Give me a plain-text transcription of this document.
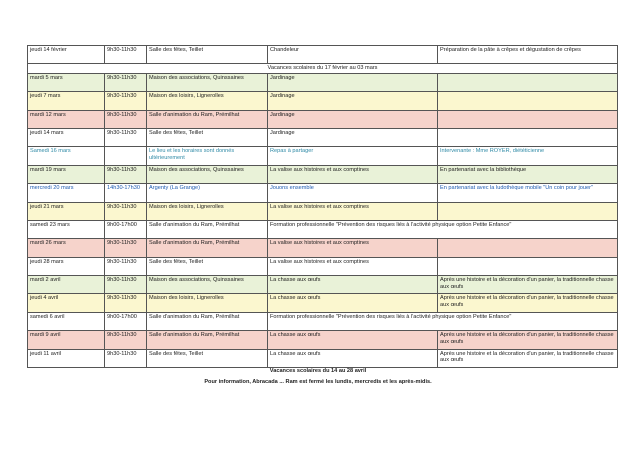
jeudi 14 février	9h30-11h30	Salle des fêtes, Teillet	Chandeleur	Préparation de la pâte à crêpes et dégustation de crêpes
Vacances scolaires du 17 février au 03 mars				
mardi 5 mars	9h30-11h30	Maison des associations, Quinssaines	Jardinage	
jeudi 7 mars	9h30-11h30	Maison des loisirs, Lignerolles	Jardinage	
mardi 12 mars	9h30-11h30	Salle d'animation du Ram, Prémilhat	Jardinage	
jeudi 14 mars	9h30-11h30	Salle des fêtes, Teillet	Jardinage	
Samedi 16 mars		Le lieu et les horaires sont donnés ultérieurement	Repas à partager	Intervenante : Mme ROYER, diététicienne
mardi 19 mars	9h30-11h30	Maison des associations, Quinssaines	La valise aux histoires et aux comptines	En partenariat avec la bibliothèque
mercredi 20 mars	14h30-17h30	Argenty (La Grange)	Jouons ensemble	En partenariat avec la ludothèque mobile "Un coin pour jouer"
jeudi 21 mars	9h30-11h30	Maison des loisirs, Lignerolles	La valise aux histoires et aux comptines	
samedi 23 mars	9h00-17h00	Salle d'animation du Ram, Prémilhat	Formation professionnelle "Prévention des risques liés à l'activité physique option Petite Enfance"	
mardi 26 mars	9h30-11h30	Salle d'animation du Ram, Prémilhat	La valise aux histoires et aux comptines	
jeudi 28 mars	9h30-11h30	Salle des fêtes, Teillet	La valise aux histoires et aux comptines	
mardi 2 avril	9h30-11h30	Maison des associations, Quinssaines	La chasse aux œufs	Après une histoire et la décoration d'un panier, la traditionnelle chasse aux œufs
jeudi 4 avril	9h30-11h30	Maison des loisirs, Lignerolles	La chasse aux œufs	Après une histoire et la décoration d'un panier, la traditionnelle chasse aux œufs
samedi 6 avril	9h00-17h00	Salle d'animation du Ram, Prémilhat	Formation professionnelle "Prévention des risques liés à l'activité physique option Petite Enfance"	
mardi 9 avril	9h30-11h30	Salle d'animation du Ram, Prémilhat	La chasse aux œufs	Après une histoire et la décoration d'un panier, la traditionnelle chasse aux œufs
jeudi 11 avril	9h30-11h30	Salle des fêtes, Teillet	La chasse aux œufs	Après une histoire et la décoration d'un panier, la traditionnelle chasse aux œufs
Vacances scolaires du 14 au 28 avril
Pour information, Abracada ... Ram est fermé les lundis, mercredis et les après-midis.
